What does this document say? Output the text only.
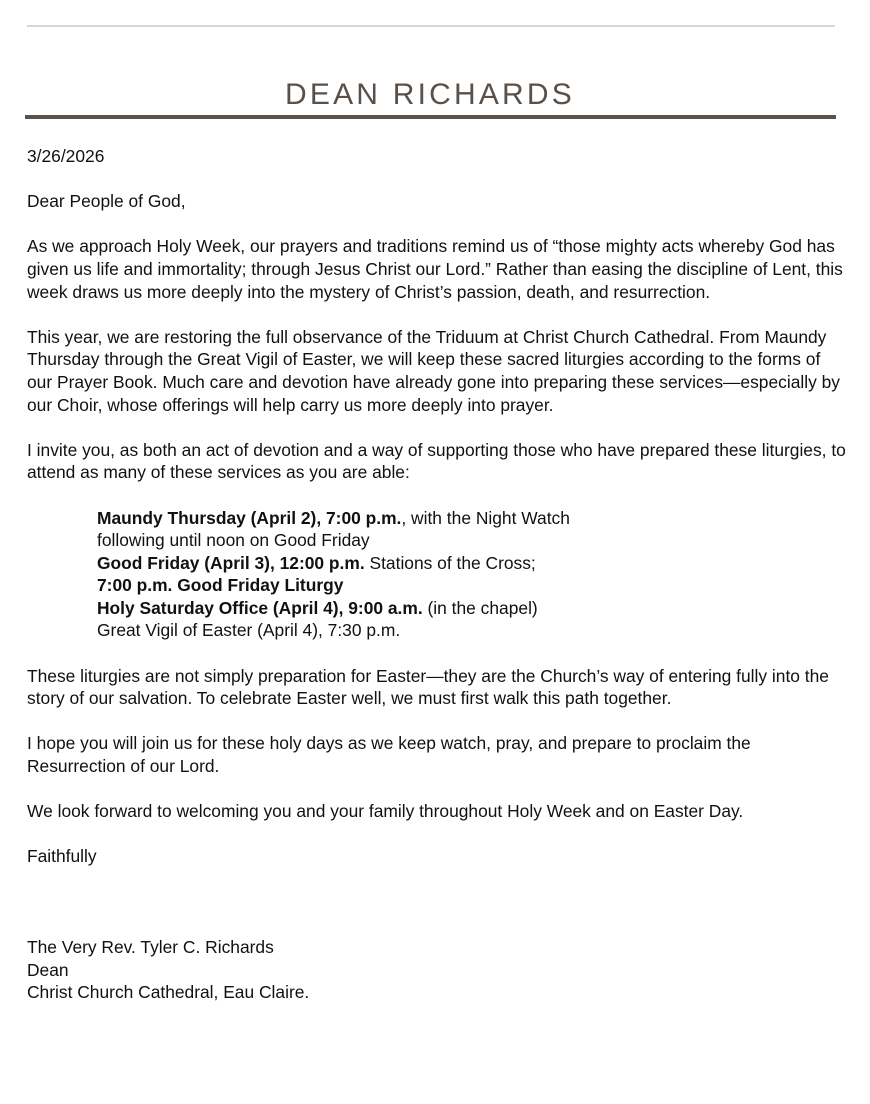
DEAN RICHARDS

3/26/2026

Dear People of God,

As we approach Holy Week, our prayers and traditions remind us of “those mighty acts whereby God has given us life and immortality; through Jesus Christ our Lord.” Rather than easing the discipline of Lent, this week draws us more deeply into the mystery of Christ’s passion, death, and resurrection.

This year, we are restoring the full observance of the Triduum at Christ Church Cathedral. From Maundy Thursday through the Great Vigil of Easter, we will keep these sacred liturgies according to the forms of our Prayer Book. Much care and devotion have already gone into preparing these services—especially by our Choir, whose offerings will help carry us more deeply into prayer.

I invite you, as both an act of devotion and a way of supporting those who have prepared these liturgies, to attend as many of these services as you are able:

Maundy Thursday (April 2), 7:00 p.m., with the Night Watch
following until noon on Good Friday
Good Friday (April 3), 12:00 p.m. Stations of the Cross;
7:00 p.m. Good Friday Liturgy
Holy Saturday Office (April 4), 9:00 a.m. (in the chapel)
Great Vigil of Easter (April 4), 7:30 p.m.

These liturgies are not simply preparation for Easter—they are the Church’s way of entering fully into the story of our salvation. To celebrate Easter well, we must first walk this path together.

I hope you will join us for these holy days as we keep watch, pray, and prepare to proclaim the Resurrection of our Lord.

We look forward to welcoming you and your family throughout Holy Week and on Easter Day.

Faithfully

The Very Rev. Tyler C. Richards

Dean

Christ Church Cathedral, Eau Claire.
